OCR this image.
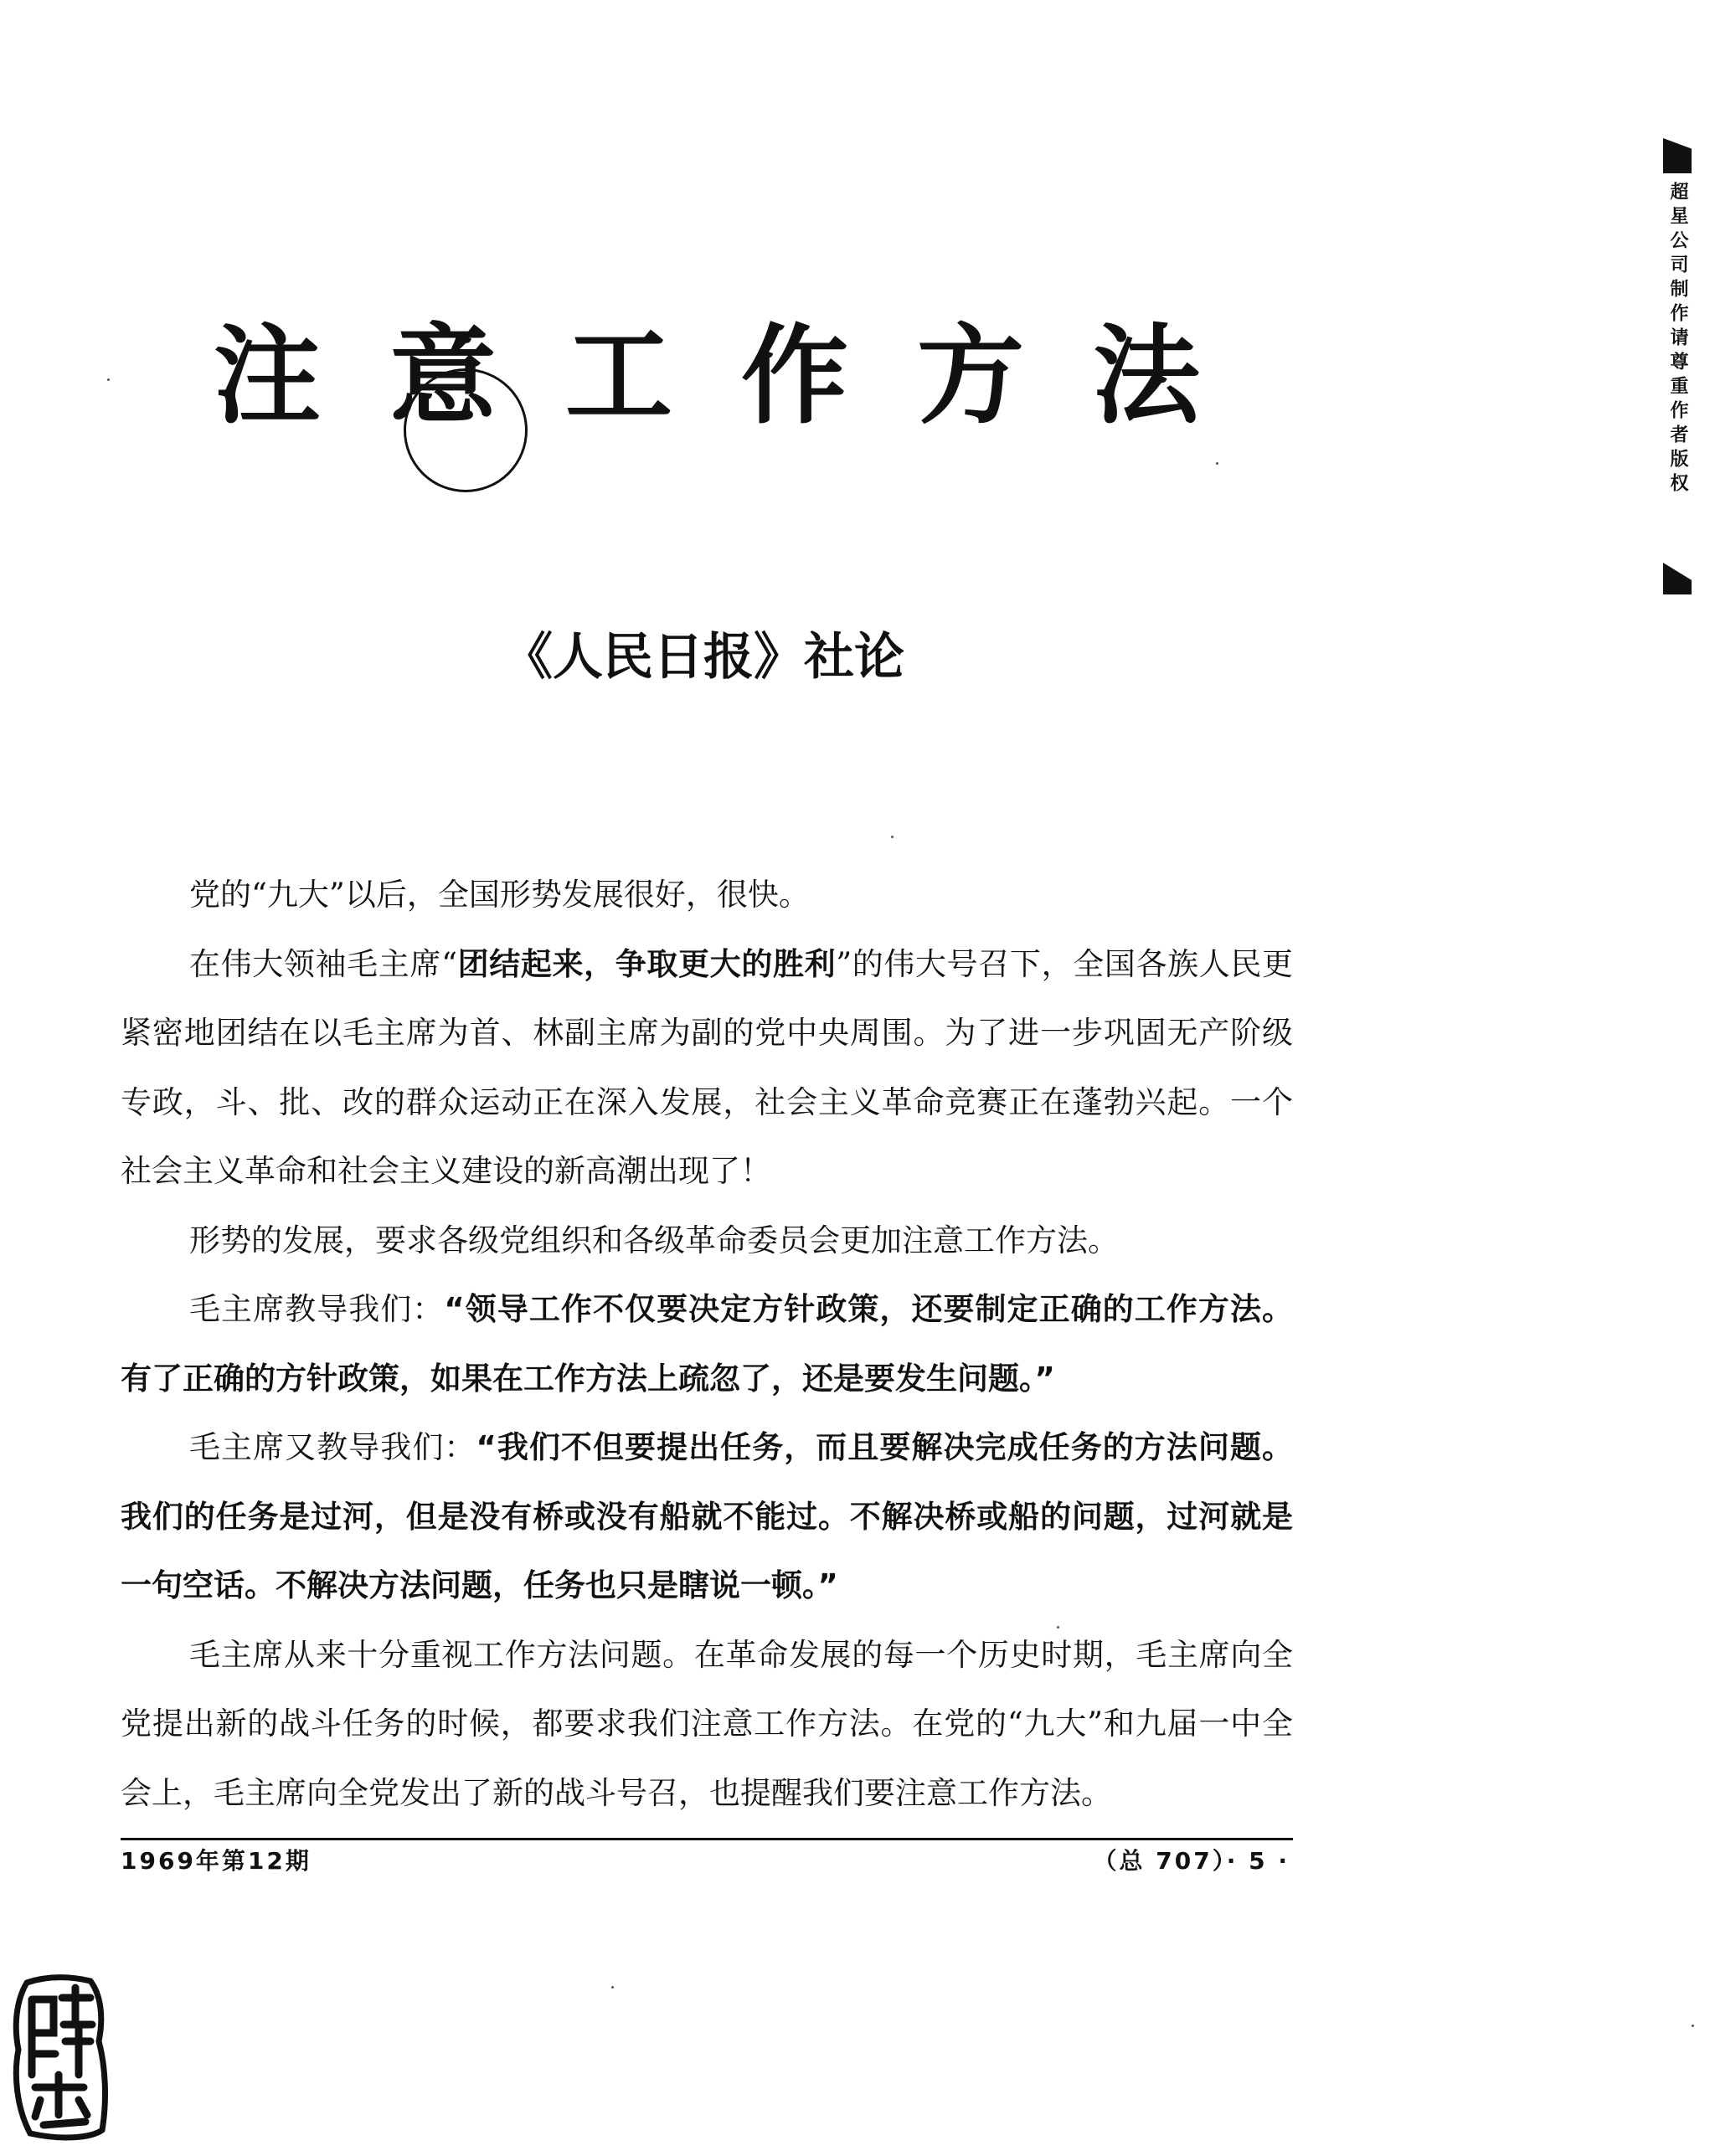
注意工作方法
《人民日报》社论

党的“九大”以后，全国形势发展很好，很快。

在伟大领袖毛主席“团结起来，争取更大的胜利”的伟大号召下，全国各族人民更紧密地团结在以毛主席为首、林副主席为副的党中央周围。为了进一步巩固无产阶级专政，斗、批、改的群众运动正在深入发展，社会主义革命竞赛正在蓬勃兴起。一个社会主义革命和社会主义建设的新高潮出现了！

形势的发展，要求各级党组织和各级革命委员会更加注意工作方法。

毛主席教导我们：“领导工作不仅要决定方针政策，还要制定正确的工作方法。有了正确的方针政策，如果在工作方法上疏忽了，还是要发生问题。”

毛主席又教导我们：“我们不但要提出任务，而且要解决完成任务的方法问题。我们的任务是过河，但是没有桥或没有船就不能过。不解决桥或船的问题，过河就是一句空话。不解决方法问题，任务也只是瞎说一顿。”

毛主席从来十分重视工作方法问题。在革命发展的每一个历史时期，毛主席向全党提出新的战斗任务的时候，都要求我们注意工作方法。在党的“九大”和九届一中全会上，毛主席向全党发出了新的战斗号召，也提醒我们要注意工作方法。

1969年第12期	（总 707）· 5 ·
超星公司制作请尊重作者版权
